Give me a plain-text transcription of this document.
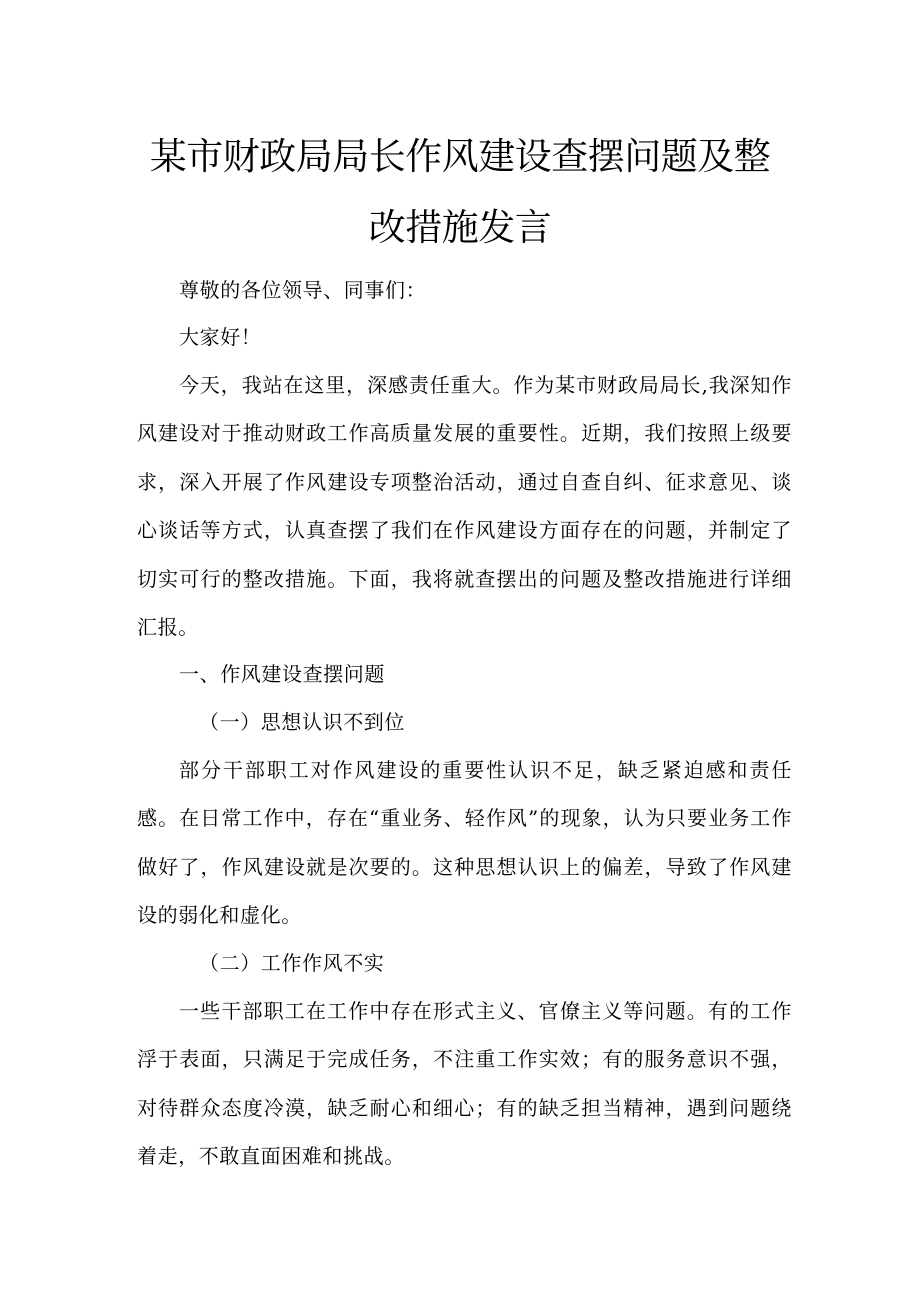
某市财政局局长作风建设查摆问题及整
改措施发言

尊敬的各位领导、同事们：

大家好！

今天，我站在这里，深感责任重大。作为某市财政局局长,我深知作风建设对于推动财政工作高质量发展的重要性。近期，我们按照上级要求，深入开展了作风建设专项整治活动，通过自查自纠、征求意见、谈心谈话等方式，认真查摆了我们在作风建设方面存在的问题，并制定了切实可行的整改措施。下面，我将就查摆出的问题及整改措施进行详细汇报。

一、作风建设查摆问题

（一）思想认识不到位

部分干部职工对作风建设的重要性认识不足，缺乏紧迫感和责任感。在日常工作中，存在“重业务、轻作风”的现象，认为只要业务工作做好了，作风建设就是次要的。这种思想认识上的偏差，导致了作风建设的弱化和虚化。

（二）工作作风不实

一些干部职工在工作中存在形式主义、官僚主义等问题。有的工作浮于表面，只满足于完成任务，不注重工作实效；有的服务意识不强，对待群众态度冷漠，缺乏耐心和细心；有的缺乏担当精神，遇到问题绕着走，不敢直面困难和挑战。
